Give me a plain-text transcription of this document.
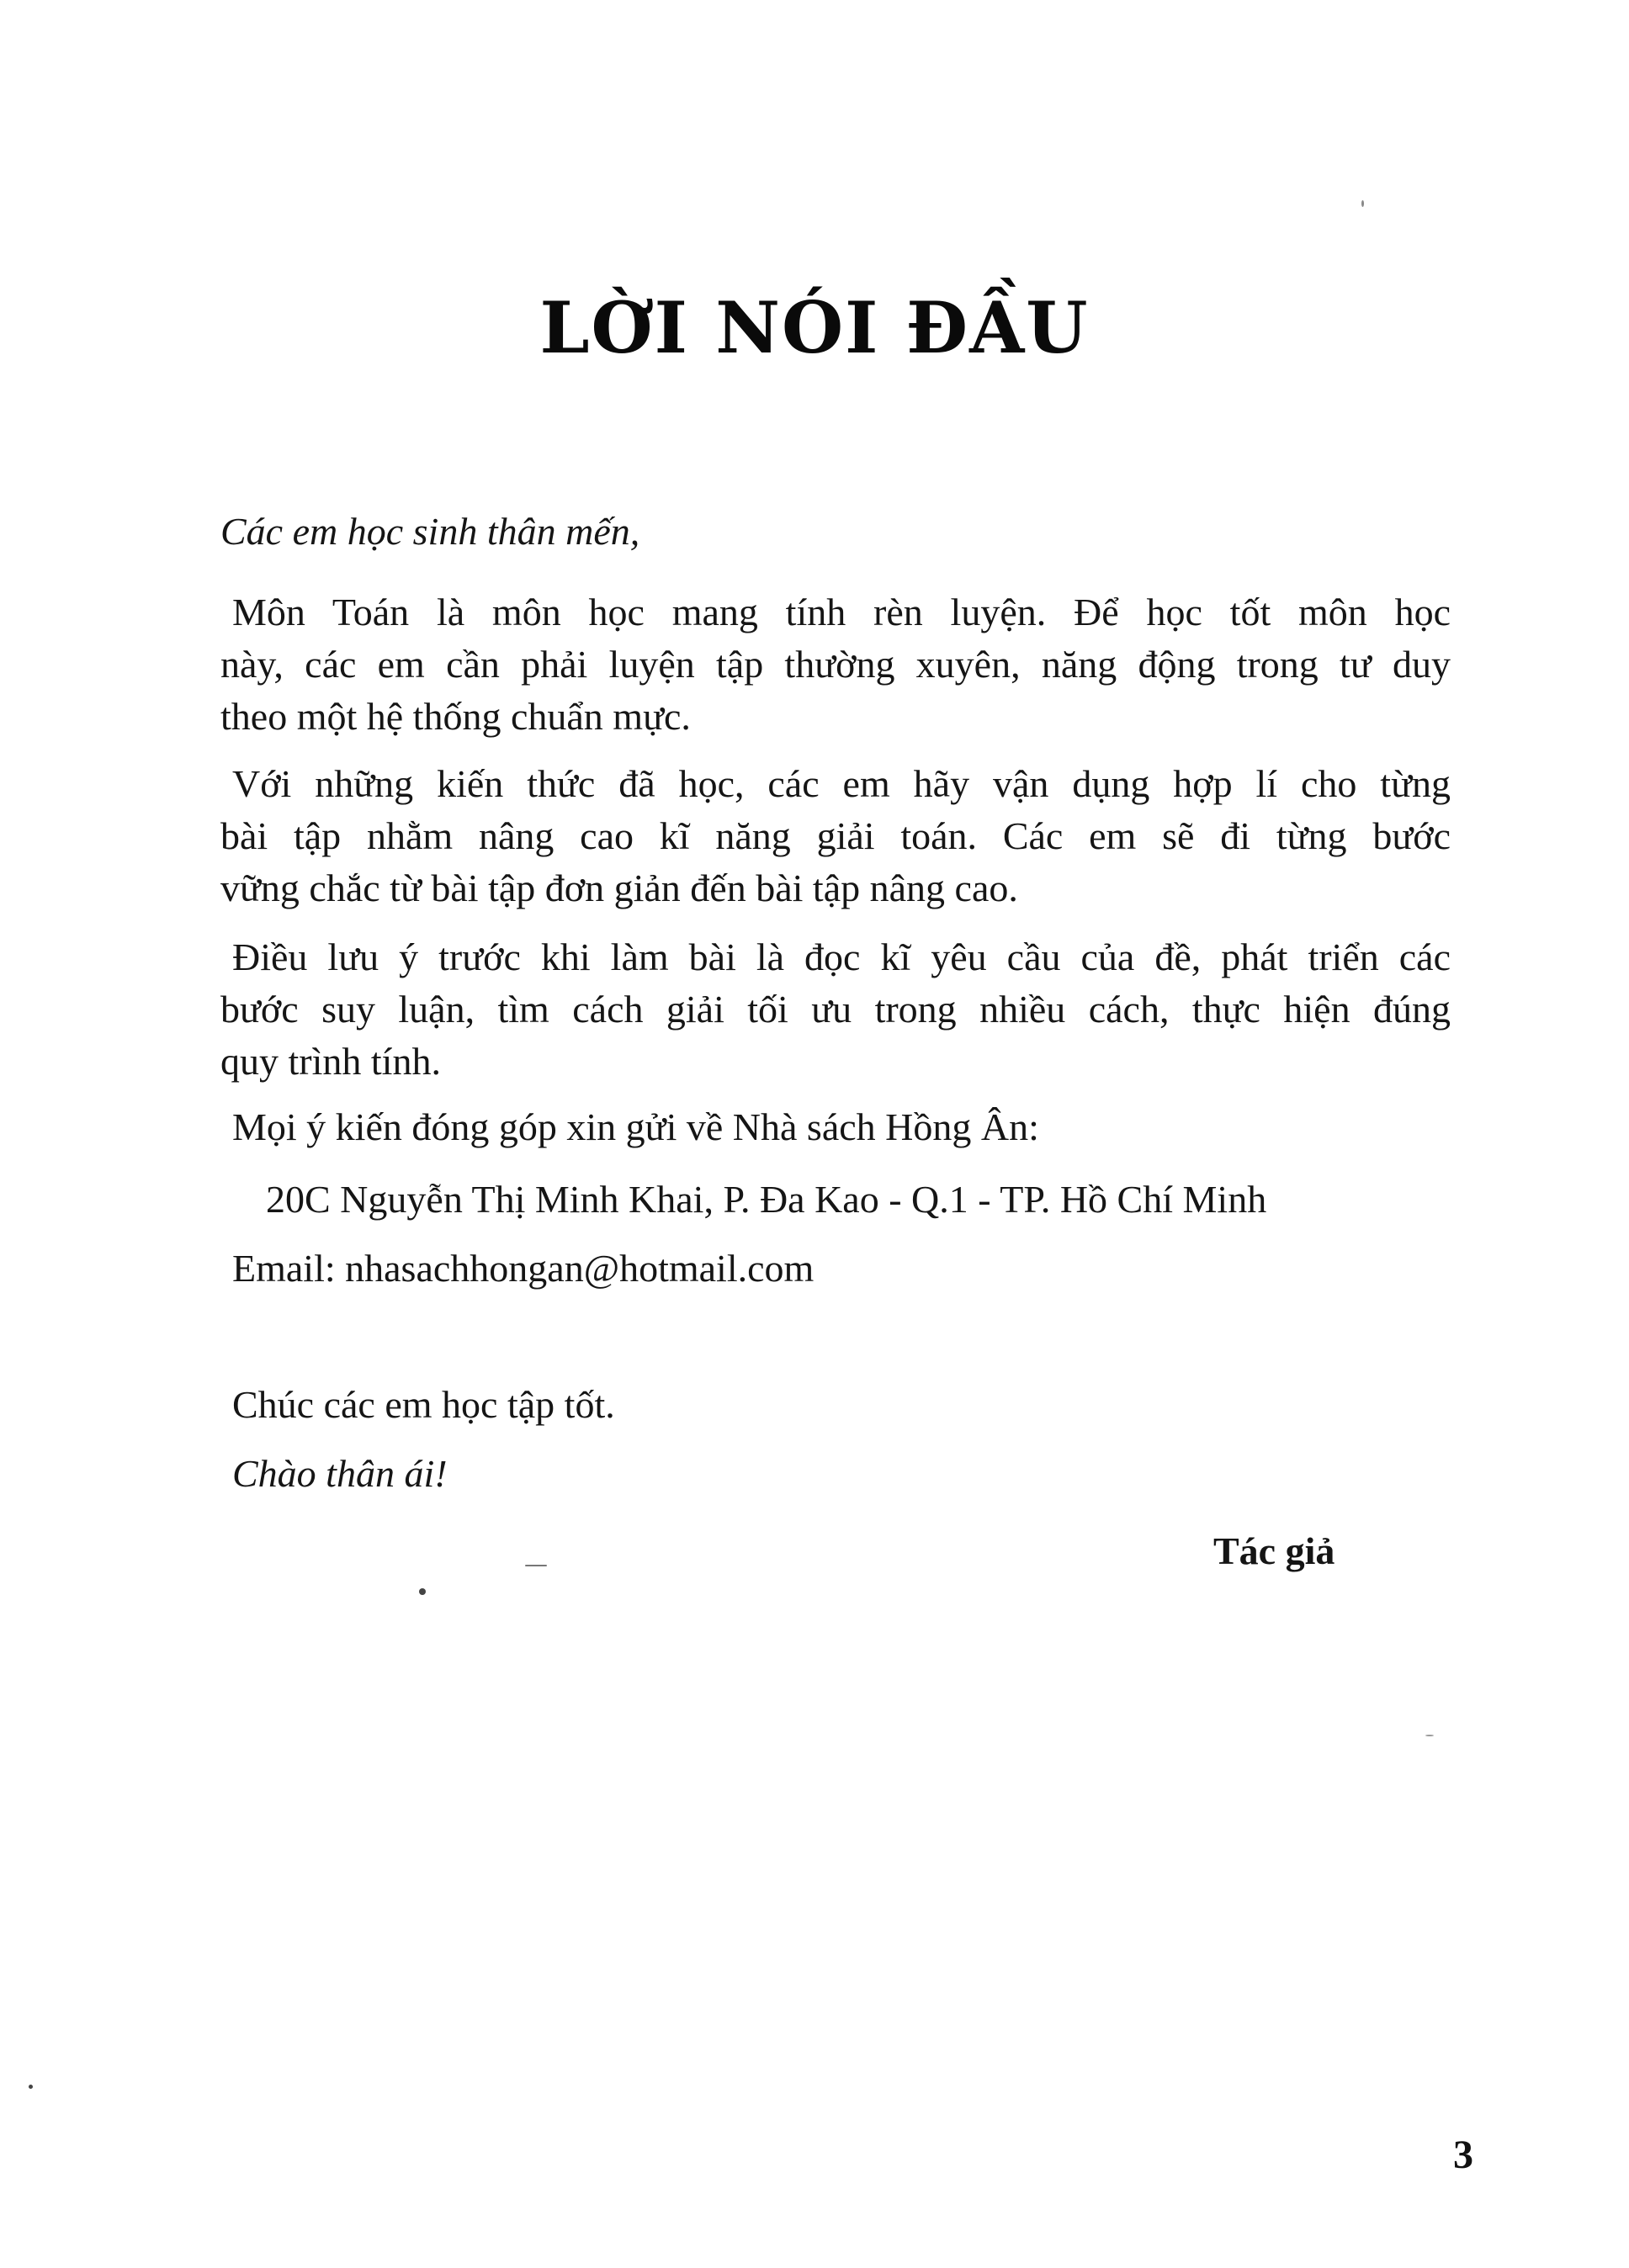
LỜI NÓI ĐẦU
Các em học sinh thân mến,
Môn Toán là môn học mang tính rèn luyện. Để học tốt môn học
này, các em cần phải luyện tập thường xuyên, năng động trong tư duy
theo một hệ thống chuẩn mực.
Với những kiến thức đã học, các em hãy vận dụng hợp lí cho từng
bài tập nhằm nâng cao kĩ năng giải toán. Các em sẽ đi từng bước
vững chắc từ bài tập đơn giản đến bài tập nâng cao.
Điều lưu ý trước khi làm bài là đọc kĩ yêu cầu của đề, phát triển các
bước suy luận, tìm cách giải tối ưu trong nhiều cách, thực hiện đúng
quy trình tính.
Mọi ý kiến đóng góp xin gửi về Nhà sách Hồng Ân:
20C Nguyễn Thị Minh Khai, P. Đa Kao - Q.1 - TP. Hồ Chí Minh
Email: nhasachhongan@hotmail.com
Chúc các em học tập tốt.
Chào thân ái!
Tác giả
3
